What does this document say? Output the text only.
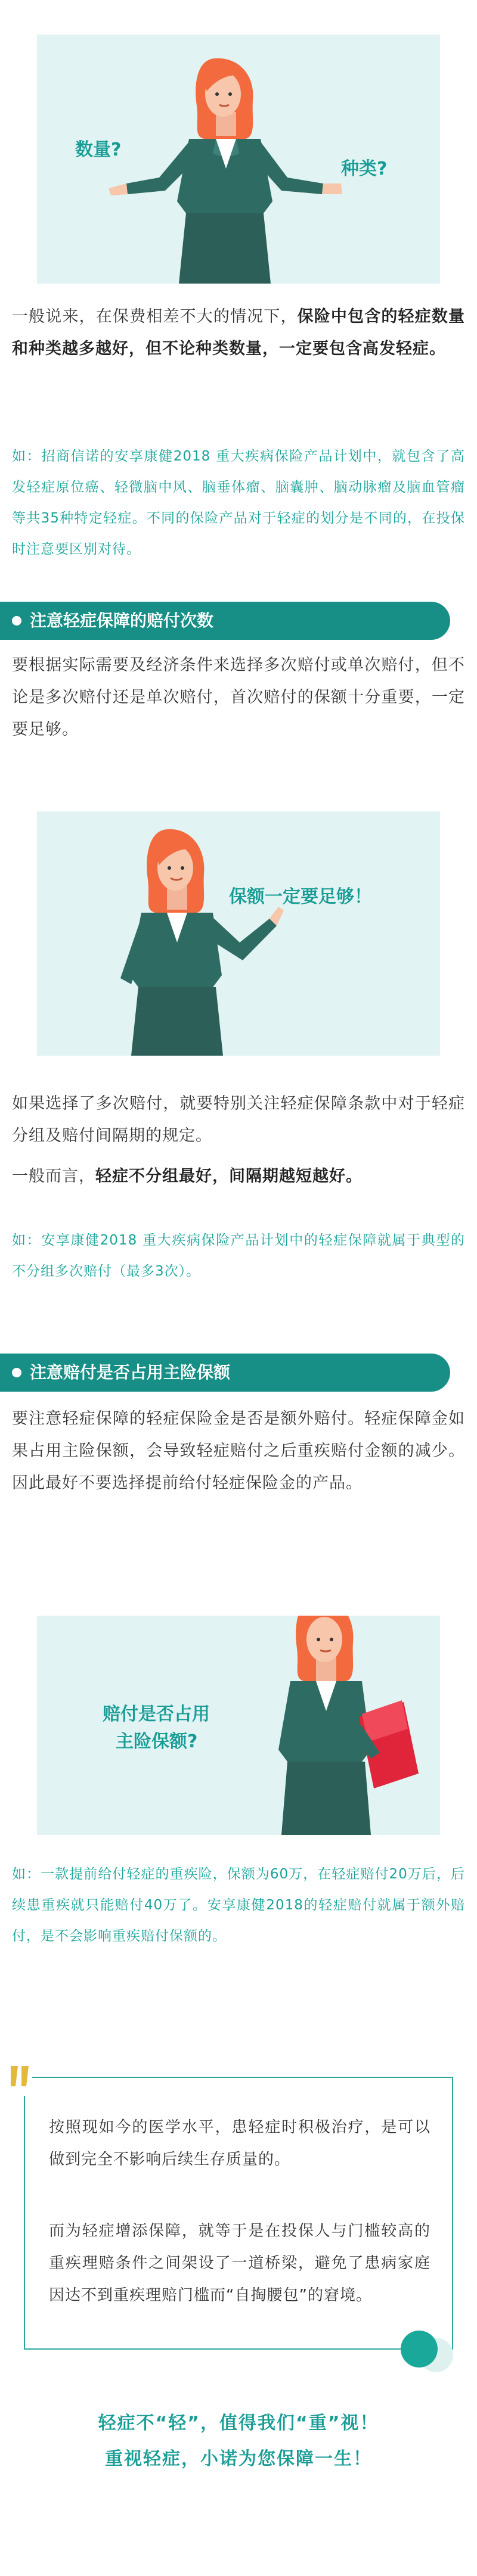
数量?
种类?
一般说来，在保费相差不大的情况下，保险中包含的轻症数量和种类越多越好，但不论种类数量，一定要包含高发轻症。
如：招商信诺的安享康健2018 重大疾病保险产品计划中，就包含了高发轻症原位癌、轻微脑中风、脑垂体瘤、脑囊肿、脑动脉瘤及脑血管瘤等共35种特定轻症。不同的保险产品对于轻症的划分是不同的，在投保时注意要区别对待。
注意轻症保障的赔付次数
要根据实际需要及经济条件来选择多次赔付或单次赔付，但不论是多次赔付还是单次赔付，首次赔付的保额十分重要，一定要足够。
保额一定要足够！
如果选择了多次赔付，就要特别关注轻症保障条款中对于轻症分组及赔付间隔期的规定。
一般而言，轻症不分组最好，间隔期越短越好。
如：安享康健2018 重大疾病保险产品计划中的轻症保障就属于典型的不分组多次赔付（最多3次）。
注意赔付是否占用主险保额
要注意轻症保障的轻症保险金是否是额外赔付。轻症保障金如果占用主险保额，会导致轻症赔付之后重疾赔付金额的减少。因此最好不要选择提前给付轻症保险金的产品。
赔付是否占用
主险保额?
如：一款提前给付轻症的重疾险，保额为60万，在轻症赔付20万后，后续患重疾就只能赔付40万了。安享康健2018的轻症赔付就属于额外赔付，是不会影响重疾赔付保额的。
按照现如今的医学水平，患轻症时积极治疗，是可以做到完全不影响后续生存质量的。
而为轻症增添保障，就等于是在投保人与门槛较高的重疾理赔条件之间架设了一道桥梁，避免了患病家庭因达不到重疾理赔门槛而“自掏腰包”的窘境。
轻症不“轻”，值得我们“重”视！
重视轻症，小诺为您保障一生！
